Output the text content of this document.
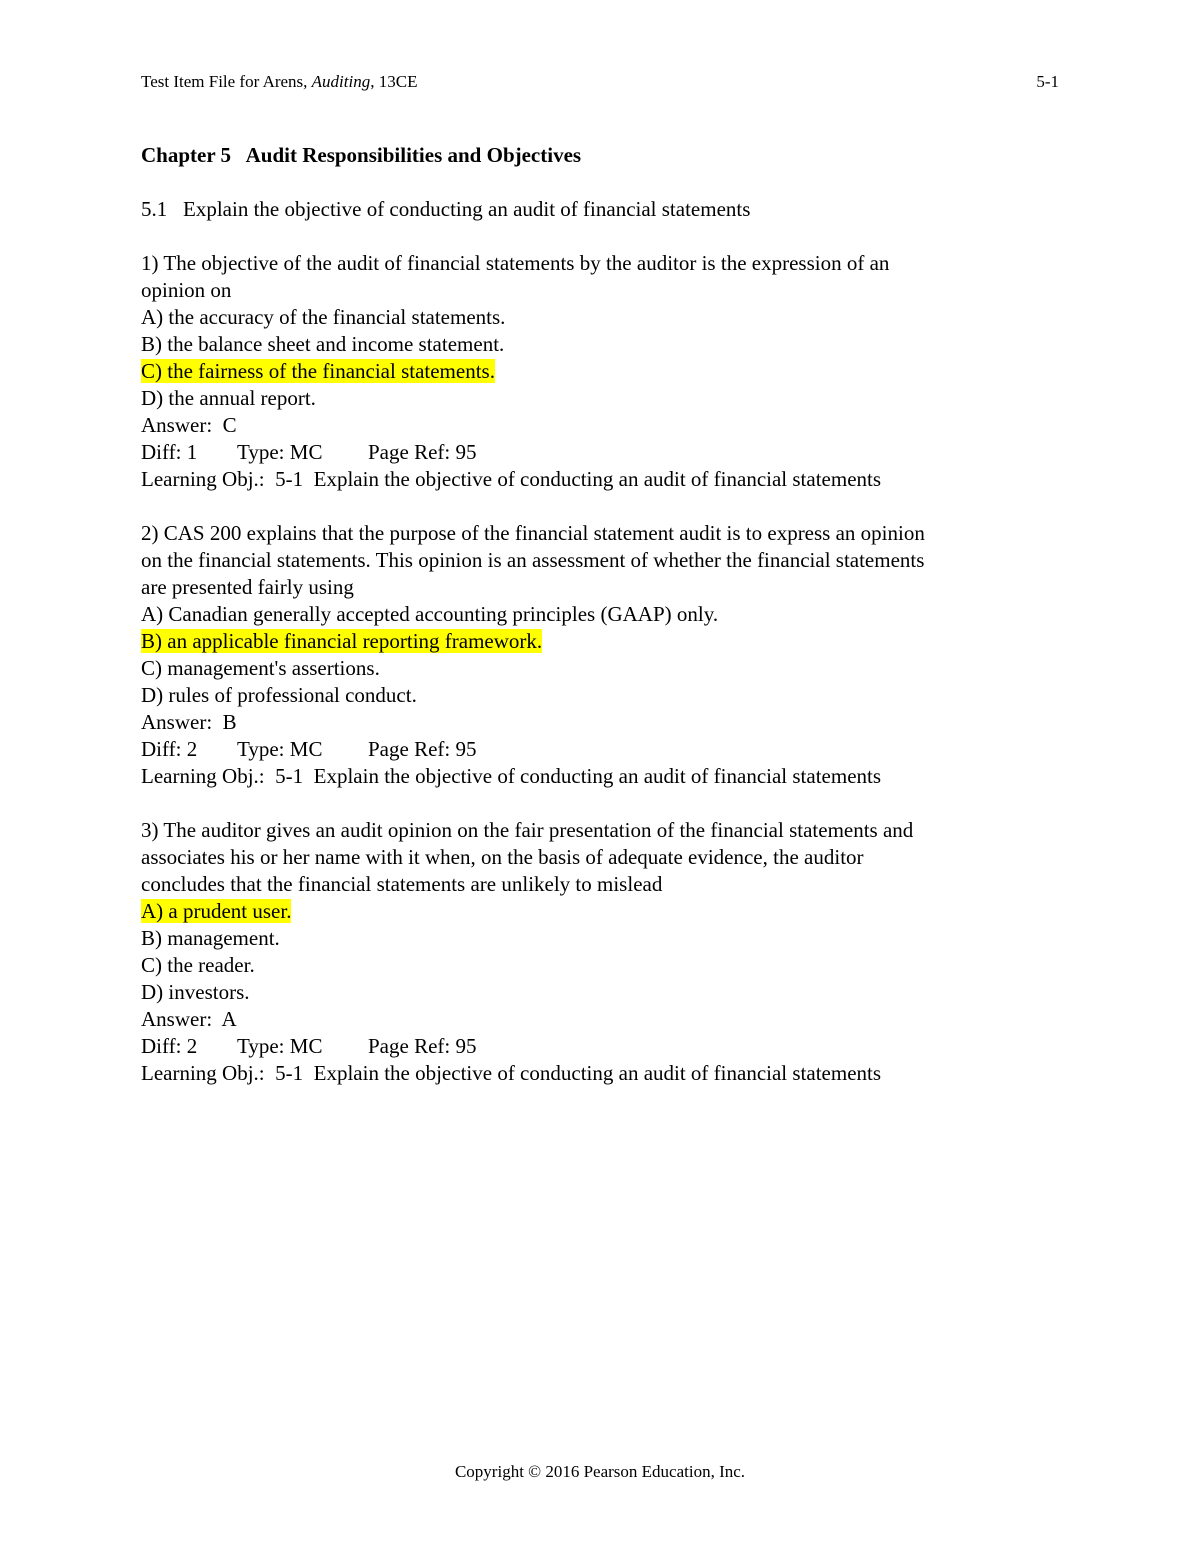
Test Item File for Arens, Auditing, 13CE	5-1
Chapter 5   Audit Responsibilities and Objectives
5.1   Explain the objective of conducting an audit of financial statements
1) The objective of the audit of financial statements by the auditor is the expression of an
opinion on
A) the accuracy of the financial statements.
B) the balance sheet and income statement.
C) the fairness of the financial statements.
D) the annual report.
Answer:  C
Diff: 1 Type: MC Page Ref: 95
Learning Obj.:  5-1  Explain the objective of conducting an audit of financial statements
2) CAS 200 explains that the purpose of the financial statement audit is to express an opinion
on the financial statements. This opinion is an assessment of whether the financial statements
are presented fairly using
A) Canadian generally accepted accounting principles (GAAP) only.
B) an applicable financial reporting framework.
C) management's assertions.
D) rules of professional conduct.
Answer:  B
Diff: 2 Type: MC Page Ref: 95
Learning Obj.:  5-1  Explain the objective of conducting an audit of financial statements
3) The auditor gives an audit opinion on the fair presentation of the financial statements and
associates his or her name with it when, on the basis of adequate evidence, the auditor
concludes that the financial statements are unlikely to mislead
A) a prudent user.
B) management.
C) the reader.
D) investors.
Answer:  A
Diff: 2 Type: MC Page Ref: 95
Learning Obj.:  5-1  Explain the objective of conducting an audit of financial statements
Copyright © 2016 Pearson Education, Inc.
